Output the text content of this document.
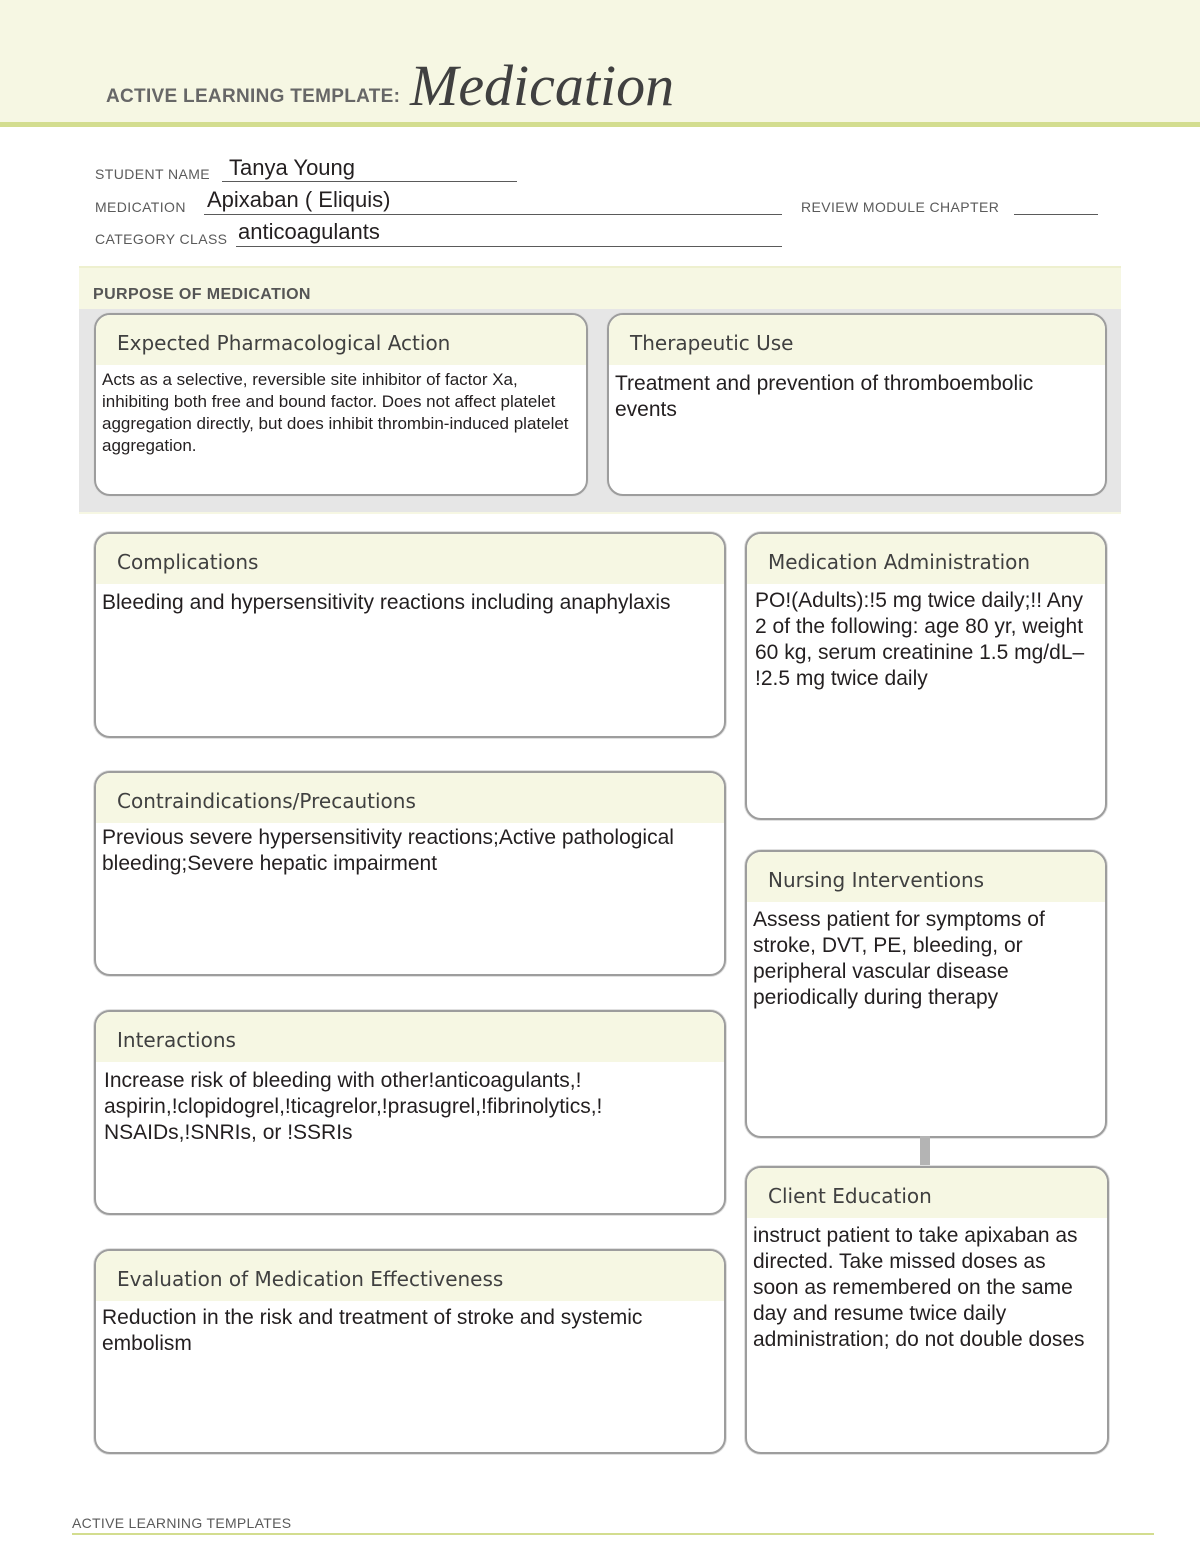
ACTIVE LEARNING TEMPLATE: Medication
STUDENT NAME Tanya Young
MEDICATION Apixaban ( Eliquis)	REVIEW MODULE CHAPTER
CATEGORY CLASS anticoagulants
PURPOSE OF MEDICATION
Expected Pharmacological Action
Acts as a selective, reversible site inhibitor of factor Xa, inhibiting both free and bound factor. Does not affect platelet aggregation directly, but does inhibit thrombin-induced platelet aggregation.
Therapeutic Use
Treatment and prevention of thromboembolic events
Complications
Bleeding and hypersensitivity reactions including anaphylaxis
Contraindications/Precautions
Previous severe hypersensitivity reactions;Active pathological bleeding;Severe hepatic impairment
Interactions
Increase risk of bleeding with other!anticoagulants,! aspirin,!clopidogrel,!ticagrelor,!prasugrel,!fibrinolytics,! NSAIDs,!SNRIs, or !SSRIs
Evaluation of Medication Effectiveness
Reduction in the risk and treatment of stroke and systemic embolism
Medication Administration
PO!(Adults):!5 mg twice daily;!! Any 2 of the following: age 80 yr, weight 60 kg, serum creatinine 1.5 mg/dL– !2.5 mg twice daily
Nursing Interventions
Assess patient for symptoms of stroke, DVT, PE, bleeding, or peripheral vascular disease periodically during therapy
Client Education
instruct patient to take apixaban as directed. Take missed doses as soon as remembered on the same day and resume twice daily administration; do not double doses
ACTIVE LEARNING TEMPLATES
